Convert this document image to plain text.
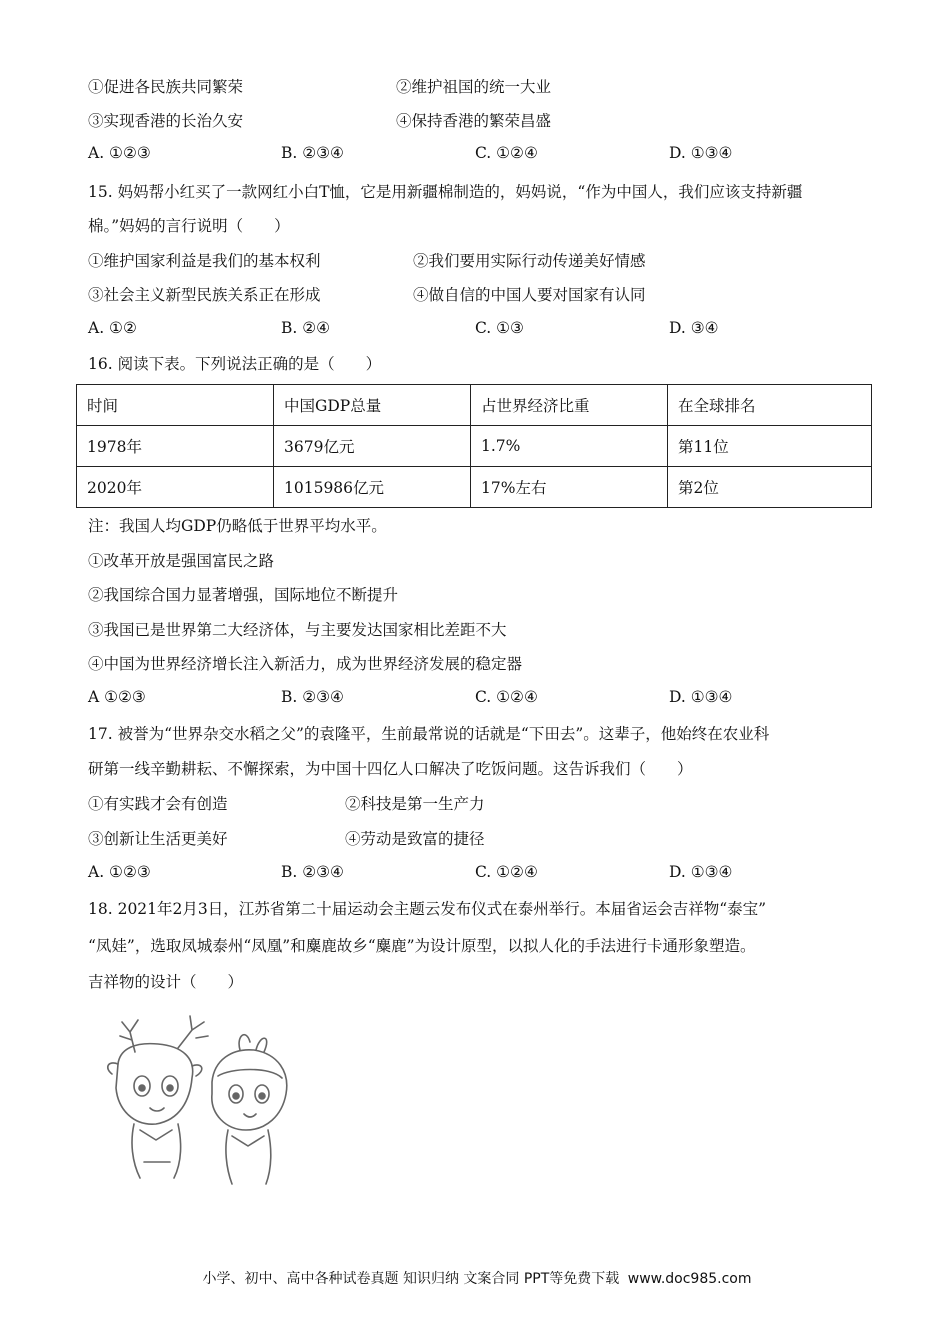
①促进各民族共同繁荣	②维护祖国的统一大业
③实现香港的长治久安	④保持香港的繁荣昌盛
A. ①②③	B. ②③④	C. ①②④	D. ①③④
15. 妈妈帮小红买了一款网红小白T恤，它是用新疆棉制造的，妈妈说，“作为中国人，我们应该支持新疆
棉。”妈妈的言行说明（　　）
①维护国家利益是我们的基本权利	②我们要用实际行动传递美好情感
③社会主义新型民族关系正在形成	④做自信的中国人要对国家有认同
A. ①②	B. ②④	C. ①③	D. ③④
16. 阅读下表。下列说法正确的是（　　）
时间	中国GDP总量	占世界经济比重	在全球排名
1978年	3679亿元	1.7%	第11位
2020年	1015986亿元	17%左右	第2位
注：我国人均GDP仍略低于世界平均水平。
①改革开放是强国富民之路
②我国综合国力显著增强，国际地位不断提升
③我国已是世界第二大经济体，与主要发达国家相比差距不大
④中国为世界经济增长注入新活力，成为世界经济发展的稳定器
A ①②③	B. ②③④	C. ①②④	D. ①③④
17. 被誉为“世界杂交水稻之父”的袁隆平，生前最常说的话就是“下田去”。这辈子，他始终在农业科
研第一线辛勤耕耘、不懈探索，为中国十四亿人口解决了吃饭问题。这告诉我们（　　）
①有实践才会有创造	②科技是第一生产力
③创新让生活更美好	④劳动是致富的捷径
A. ①②③	B. ②③④	C. ①②④	D. ①③④
18. 2021年2月3日，江苏省第二十届运动会主题云发布仪式在泰州举行。本届省运会吉祥物“泰宝”
“凤娃”，选取凤城泰州“凤凰”和麋鹿故乡“麋鹿”为设计原型，以拟人化的手法进行卡通形象塑造。
吉祥物的设计（　　）
小学、初中、高中各种试卷真题 知识归纳 文案合同 PPT等免费下载 www.doc985.com
